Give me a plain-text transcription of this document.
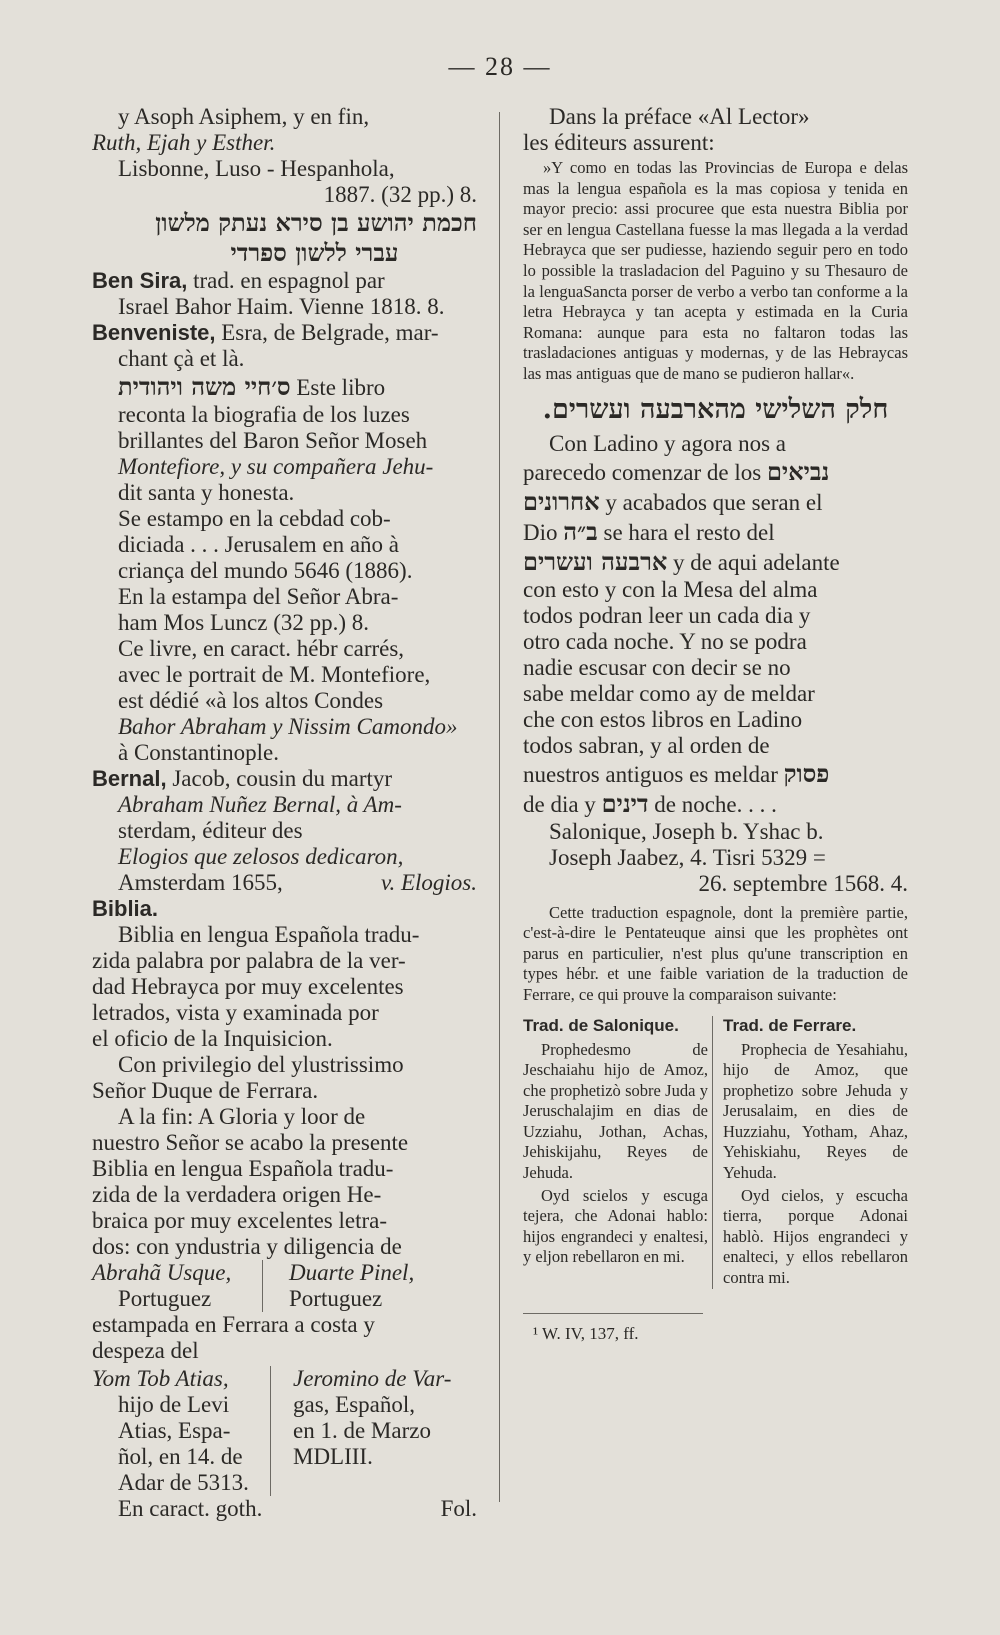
— 28 —

y Asoph Asiphem, y en fin,

Ruth, Ejah y Esther.

Lisbonne, Luso - Hespanhola,

1887. (32 pp.) 8.

חכמת יהושע בן סירא נעתק מלשון

עברי ללשון ספרדי

Ben Sira, trad. en espagnol par

Israel Bahor Haim. Vienne 1818. 8.

Benveniste, Esra, de Belgrade, mar-

chant çà et là.

ס׳חיי משה ויהודית Este libro

reconta la biografia de los luzes

brillantes del Baron Señor Moseh

Montefiore, y su compañera Jehu-

dit santa y honesta.

Se estampo en la cebdad cob-

diciada . . . Jerusalem en año à

criança del mundo 5646 (1886).

En la estampa del Señor Abra-

ham Mos Luncz (32 pp.) 8.

Ce livre, en caract. hébr carrés,

avec le portrait de M. Montefiore,

est dédié «à los altos Condes

Bahor Abraham y Nissim Camondo»

à Constantinople.

Bernal, Jacob, cousin du martyr

Abraham Nuñez Bernal, à Am-

sterdam, éditeur des

Elogios que zelosos dedicaron,

Amsterdam 1655,	v. Elogios.

Biblia.

Biblia en lengua Española tradu-

zida palabra por palabra de la ver-

dad Hebrayca por muy excelentes

letrados, vista y examinada por

el oficio de la Inquisicion.

Con privilegio del ylustrissimo

Señor Duque de Ferrara.

A la fin: A Gloria y loor de

nuestro Señor se acabo la presente

Biblia en lengua Española tradu-

zida de la verdadera origen He-

braica por muy excelentes letra-

dos: con yndustria y diligencia de

Abrahã Usque,
Portuguez
Duarte Pinel,
Portuguez

estampada en Ferrara a costa y

despeza del

Yom Tob Atias,
hijo de Levi
Atias, Espa-
ñol, en 14. de
Adar de 5313.
Jeromino de Var-
gas, Español,
en 1. de Marzo
MDLIII.

En caract. goth.	Fol.

Dans la préface «Al Lector»

les éditeurs assurent:

»Y como en todas las Provincias de Europa e delas mas la lengua española es la mas copiosa y tenida en mayor precio: assi procuree que esta nuestra Biblia por ser en lengua Castellana fuesse la mas llegada a la verdad Hebrayca que ser pudiesse, haziendo seguir pero en todo lo possible la trasladacion del Paguino y su Thesauro de la lenguaSancta porser de verbo a verbo tan conforme a la letra Hebrayca y tan acepta y estimada en la Curia Romana: aunque para esta no faltaron todas las trasladaciones antiguas y modernas, y de las Hebraycas las mas antiguas que de mano se pudieron hallar«.

חלק השלישי מהארבעה ועשרים.

Con Ladino y agora nos a

parecedo comenzar de los נביאים

אחרונים y acabados que seran el

Dio ב״ה se hara el resto del

ארבעה ועשרים y de aqui adelante

con esto y con la Mesa del alma

todos podran leer un cada dia y

otro cada noche. Y no se podra

nadie escusar con decir se no

sabe meldar como ay de meldar

che con estos libros en Ladino

todos sabran, y al orden de

nuestros antiguos es meldar פסוק

de dia y דינים de noche. . . .

Salonique, Joseph b. Yshac b.

Joseph Jaabez, 4. Tisri 5329 =

26. septembre 1568. 4.

Cette traduction espagnole, dont la première partie, c'est-à-dire le Pentateuque ainsi que les prophètes ont parus en particulier, n'est plus qu'une transcription en types hébr. et une faible variation de la traduction de Ferrare, ce qui prouve la comparaison suivante:

Trad. de Salonique.

Prophedesmo de Jeschaiahu hijo de Amoz, che prophetizò sobre Juda y Jeruschalajim en dias de Uzziahu, Jothan, Achas, Jehiskijahu, Reyes de Jehuda.

Oyd scielos y escuga tejera, che Adonai hablo: hijos engrandeci y enaltesi, y eljon rebellaron en mi.

Trad. de Ferrare.

Prophecia de Yesahiahu, hijo de Amoz, que prophetizo sobre Jehuda y Jerusalaim, en dies de Huzziahu, Yotham, Ahaz, Yehiskiahu, Reyes de Yehuda.

Oyd cielos, y escucha tierra, porque Adonai hablò. Hijos engrandeci y enalteci, y ellos rebellaron contra mi.

¹ W. IV, 137, ff.
